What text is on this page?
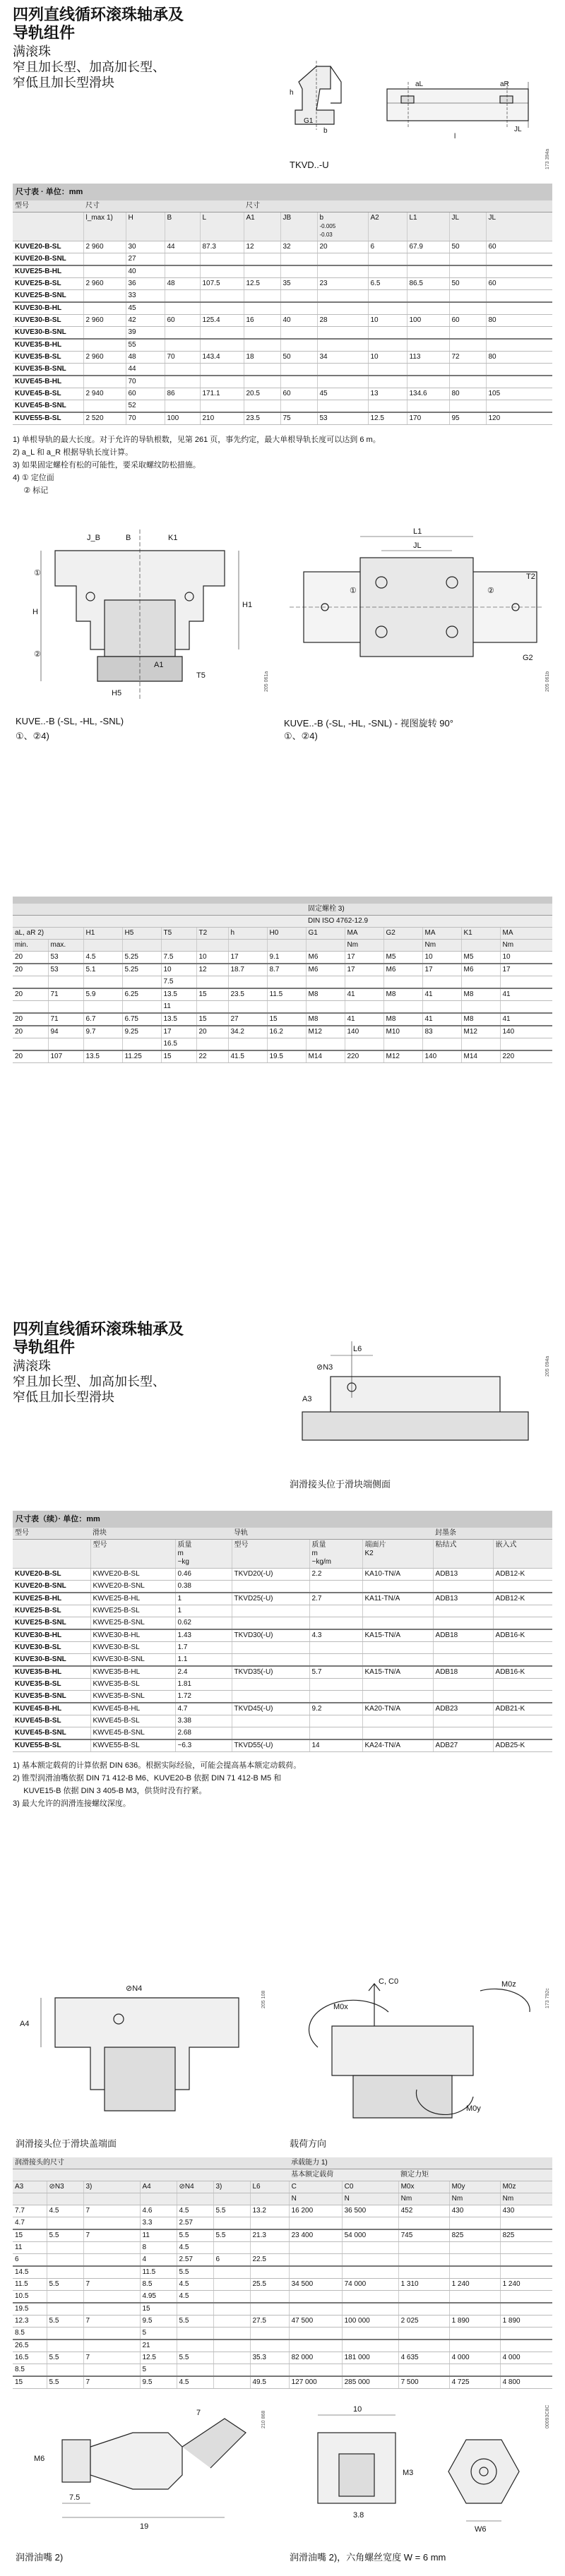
四列直线循环滚珠轴承及
导轨组件
满滚珠
窄且加长型、加高加长型、
窄低且加长型滑块
h
G1
b
aL	aR
JL
l
TKVD..-U	173 394a
尺寸表 · 单位：mm
型号	尺寸				尺寸						
	l_max 1)	H	B	L	A1	JB	b
-0.005
-0.03	A2	L1	JL	JL
KUVE20-B-SL	2 960	30	44	87.3	12	32	20	6	67.9	50	60
KUVE20-B-SNL		27									
KUVE25-B-HL		40									
KUVE25-B-SL	2 960	36	48	107.5	12.5	35	23	6.5	86.5	50	60
KUVE25-B-SNL		33									
KUVE30-B-HL		45									
KUVE30-B-SL	2 960	42	60	125.4	16	40	28	10	100	60	80
KUVE30-B-SNL		39									
KUVE35-B-HL		55									
KUVE35-B-SL	2 960	48	70	143.4	18	50	34	10	113	72	80
KUVE35-B-SNL		44									
KUVE45-B-HL		70									
KUVE45-B-SL	2 940	60	86	171.1	20.5	60	45	13	134.6	80	105
KUVE45-B-SNL		52									
KUVE55-B-SL	2 520	70	100	210	23.5	75	53	12.5	170	95	120
1) 单根导轨的最大长度。对于允许的导轨根数，见第 261 页，事先约定，最大单根导轨长度可以达到 6 m。
2) a_L 和 a_R 根据导轨长度计算。
3) 如果固定螺栓有松的可能性，要采取螺纹防松措施。
4) ① 定位面
② 标记
B
J_B	K1
H
H1
①
②
A1
H5
T5	205 061a
KUVE..-B (-SL, -HL, -SNL)
①、②4)
L1
JL
①	②
T2
G2
205 061b
KUVE..-B (-SL, -HL, -SNL) - 视图旋转 90°
①、②4)
								固定螺栓 3)					
								DIN ISO 4762-12.9					
aL, aR 2)		H1	H5	T5	T2	h	H0	G1	MA	G2	MA	K1	MA
min.	max.								Nm		Nm		Nm
20	53	4.5	5.25	7.5	10	17	9.1	M6	17	M5	10	M5	10
20	53	5.1	5.25	10	12	18.7	8.7	M6	17	M6	17	M6	17
				7.5									
20	71	5.9	6.25	13.5	15	23.5	11.5	M8	41	M8	41	M8	41
				11									
20	71	6.7	6.75	13.5	15	27	15	M8	41	M8	41	M8	41
20	94	9.7	9.25	17	20	34.2	16.2	M12	140	M10	83	M12	140
				16.5									
20	107	13.5	11.25	15	22	41.5	19.5	M14	220	M12	140	M14	220
四列直线循环滚珠轴承及
导轨组件
满滚珠
窄且加长型、加高加长型、
窄低且加长型滑块
L6
⊘N3
A3
205 094a
润滑接头位于滑块端侧面
尺寸表（续）· 单位：mm
型号	滑块		导轨			封墨条	
	型号	质量
m
~kg	型号	质量
m
~kg/m	端面片
K2	粘结式	嵌入式
KUVE20-B-SL	KWVE20-B-SL	0.46	TKVD20(-U)	2.2	KA10-TN/A	ADB13	ADB12-K
KUVE20-B-SNL	KWVE20-B-SNL	0.38					
KUVE25-B-HL	KWVE25-B-HL	1	TKVD25(-U)	2.7	KA11-TN/A	ADB13	ADB12-K
KUVE25-B-SL	KWVE25-B-SL	1					
KUVE25-B-SNL	KWVE25-B-SNL	0.62					
KUVE30-B-HL	KWVE30-B-HL	1.43	TKVD30(-U)	4.3	KA15-TN/A	ADB18	ADB16-K
KUVE30-B-SL	KWVE30-B-SL	1.7					
KUVE30-B-SNL	KWVE30-B-SNL	1.1					
KUVE35-B-HL	KWVE35-B-HL	2.4	TKVD35(-U)	5.7	KA15-TN/A	ADB18	ADB16-K
KUVE35-B-SL	KWVE35-B-SL	1.81					
KUVE35-B-SNL	KWVE35-B-SNL	1.72					
KUVE45-B-HL	KWVE45-B-HL	4.7	TKVD45(-U)	9.2	KA20-TN/A	ADB23	ADB21-K
KUVE45-B-SL	KWVE45-B-SL	3.38					
KUVE45-B-SNL	KWVE45-B-SNL	2.68					
KUVE55-B-SL	KWVE55-B-SL	~6.3	TKVD55(-U)	14	KA24-TN/A	ADB27	ADB25-K
1) 基本额定载荷的计算依据 DIN 636。根据实际经验，可能会提高基本额定动载荷。
2) 锥型润滑油嘴依据 DIN 71 412-B M6、KUVE20-B 依据 DIN 71 412-B M5 和
KUVE15-B 依据 DIN 3 405-B M3，供货时没有拧紧。
3) 最大允许的润滑连接螺纹深度。
A4
⊘N4
205 108
润滑接头位于滑块盖端面
C, C0
M0x
M0z
M0y
173 792c
载荷方向
润滑接头的尺寸							承载能力 1)				
							基本额定载荷		额定力矩		
A3	⊘N3	3)	A4	⊘N4	3)	L6	C	C0	M0x	M0y	M0z
							N	N	Nm	Nm	Nm
7.7	4.5	7	4.6	4.5	5.5	13.2	16 200	36 500	452	430	430
4.7			3.3	2.57							
15	5.5	7	11	5.5	5.5	21.3	23 400	54 000	745	825	825
11			8	4.5							
6			4	2.57	6	22.5					
14.5			11.5	5.5							
11.5	5.5	7	8.5	4.5		25.5	34 500	74 000	1 310	1 240	1 240
10.5			4.95	4.5							
19.5			15								
12.3	5.5	7	9.5	5.5		27.5	47 500	100 000	2 025	1 890	1 890
8.5			5								
26.5			21								
16.5	5.5	7	12.5	5.5		35.3	82 000	181 000	4 635	4 000	4 000
8.5			5								
15	5.5	7	9.5	4.5		49.5	127 000	285 000	7 500	4 725	4 800
M6
7
7.5
19
210 868
润滑油嘴 2)
10
M3
3.8
W6
00093C8C
润滑油嘴 2)，六角螺丝宽度 W = 6 mm
